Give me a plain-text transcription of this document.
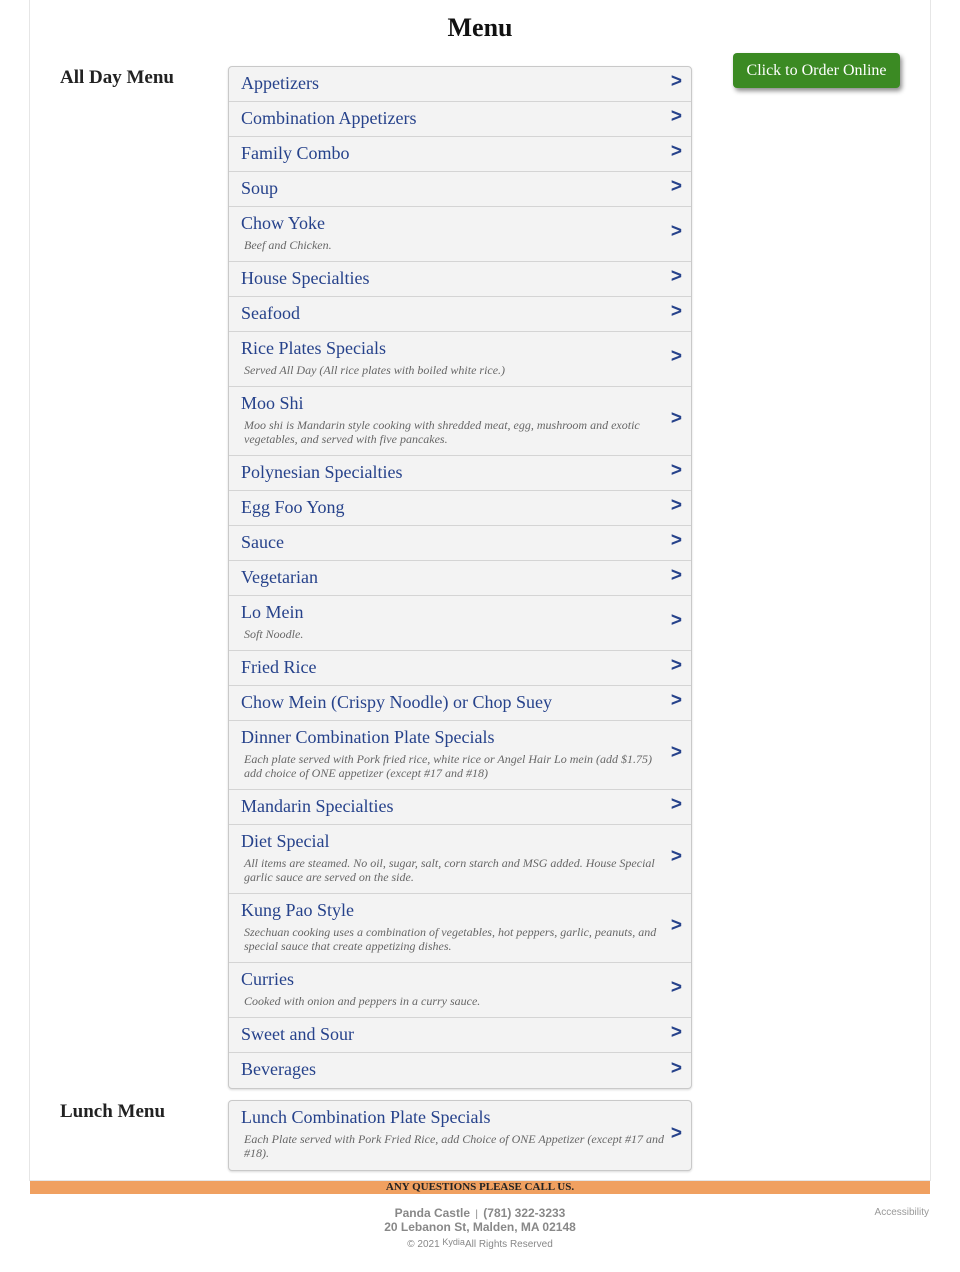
Menu
All Day Menu	Appetizers	>
Combination Appetizers	>
Family Combo	>
Soup	>
Chow Yoke
Beef and Chicken.
>
House Specialties	>
Seafood	>
Rice Plates Specials
Served All Day (All rice plates with boiled white rice.)
>
Moo Shi
Moo shi is Mandarin style cooking with shredded meat, egg, mushroom and exotic vegetables, and served with five pancakes.
>
Polynesian Specialties	>
Egg Foo Yong	>
Sauce	>
Vegetarian	>
Lo Mein
Soft Noodle.
>
Fried Rice	>
Chow Mein (Crispy Noodle) or Chop Suey	>
Dinner Combination Plate Specials
Each plate served with Pork fried rice, white rice or Angel Hair Lo mein (add $1.75) add choice of ONE appetizer (except #17 and #18)
>
Mandarin Specialties	>
Diet Special
All items are steamed. No oil, sugar, salt, corn starch and MSG added. House Special garlic sauce are served on the side.
>
Kung Pao Style
Szechuan cooking uses a combination of vegetables, hot peppers, garlic, peanuts, and special sauce that create appetizing dishes.
>
Curries
Cooked with onion and peppers in a curry sauce.
>
Sweet and Sour	>
Beverages	>
Lunch Menu	Lunch Combination Plate Specials
Each Plate served with Pork Fried Rice, add Choice of ONE Appetizer (except #17 and #18).
>
Click to Order Online
ANY QUESTIONS PLEASE CALL US.
Panda Castle | (781) 322-3233
20 Lebanon St, Malden, MA 02148
© 2021 KydiaAll Rights Reserved
Accessibility
